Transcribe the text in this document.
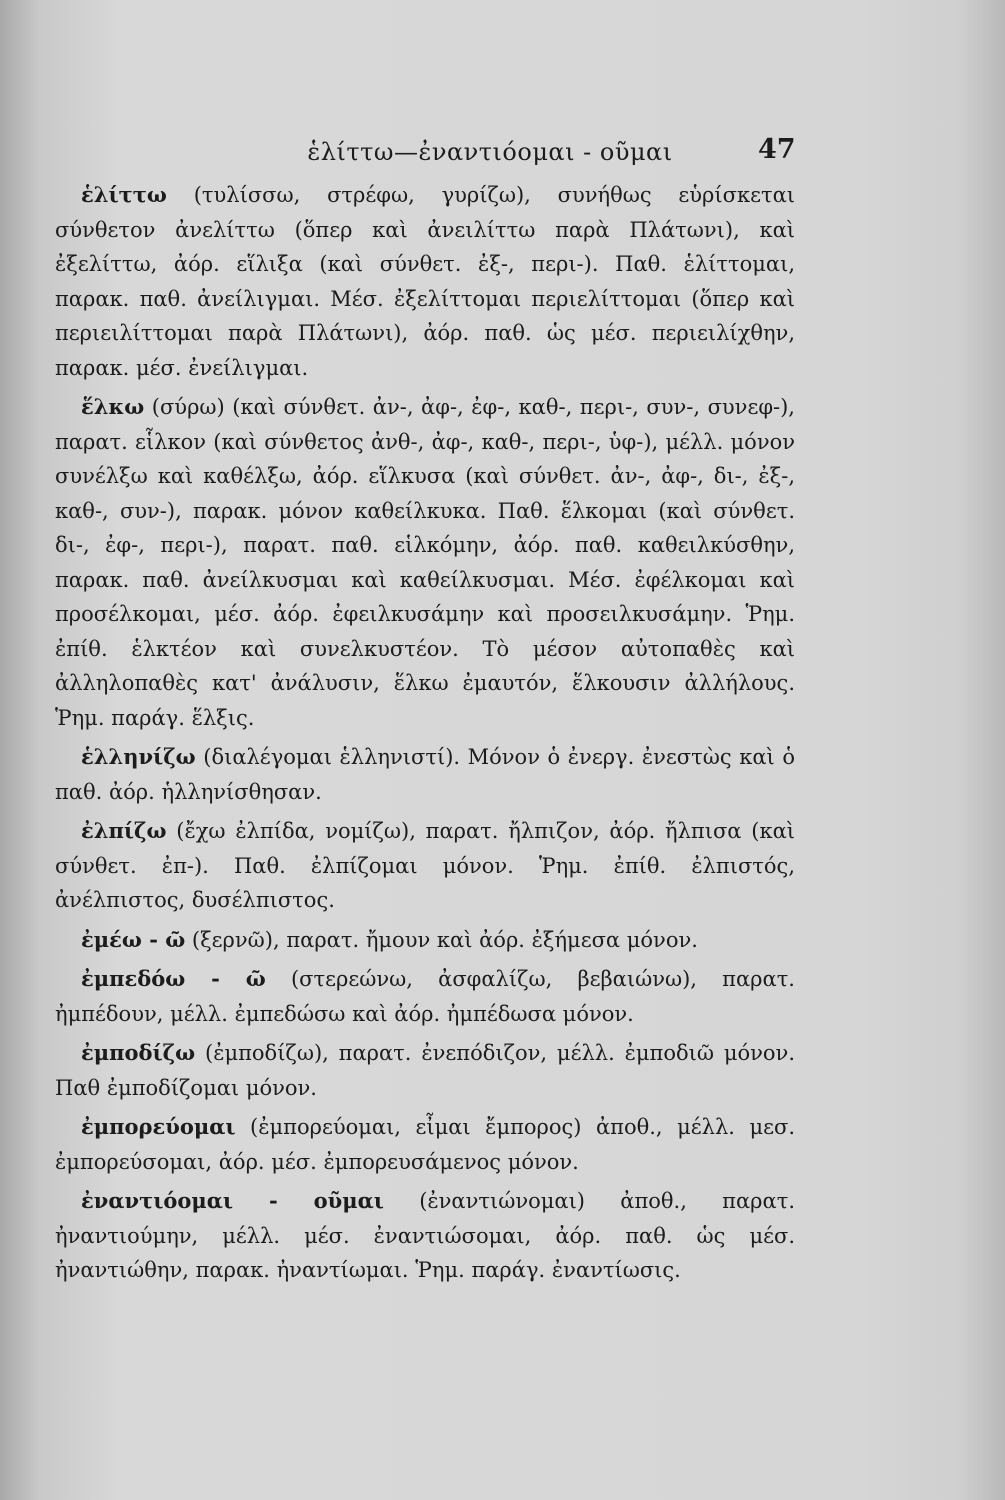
ἑλίττω—ἐναντιόομαι - οῦμαι	47

ἑλίττω (τυλίσσω, στρέφω, γυρίζω), συνήθως εὑρίσκεται σύνθετον ἀνελίττω (ὅπερ καὶ ἀνειλίττω παρὰ Πλάτωνι), καὶ ἐξελίττω, ἀόρ. εἵλιξα (καὶ σύνθετ. ἐξ-, περι-). Παθ. ἑλίττομαι, παρακ. παθ. ἀνείλιγμαι. Μέσ. ἐξελίττομαι περιελίττομαι (ὅπερ καὶ περιειλίττομαι παρὰ Πλάτωνι), ἀόρ. παθ. ὡς μέσ. περιειλίχθην, παρακ. μέσ. ἐνείλιγμαι.

ἕλκω (σύρω) (καὶ σύνθετ. ἀν-, ἀφ-, ἐφ-, καθ-, περι-, συν-, συνεφ-), παρατ. εἷλκον (καὶ σύνθετος ἀνθ-, ἀφ-, καθ-, περι-, ὑφ-), μέλλ. μόνον συνέλξω καὶ καθέλξω, ἀόρ. εἵλκυσα (καὶ σύνθετ. ἀν-, ἀφ-, δι-, ἐξ-, καθ-, συν-), παρακ. μόνον καθείλκυκα. Παθ. ἕλκομαι (καὶ σύνθετ. δι-, ἐφ-, περι-), παρατ. παθ. εἱλκόμην, ἀόρ. παθ. καθειλκύσθην, παρακ. παθ. ἀνείλκυσμαι καὶ καθείλκυσμαι. Μέσ. ἐφέλκομαι καὶ προσέλκομαι, μέσ. ἀόρ. ἐφειλκυσάμην καὶ προσειλκυσάμην. Ῥημ. ἐπίθ. ἑλκτέον καὶ συνελκυστέον. Τὸ μέσον αὐτοπαθὲς καὶ ἀλληλοπαθὲς κατ' ἀνάλυσιν, ἕλκω ἐμαυτόν, ἕλκουσιν ἀλλήλους. Ῥημ. παράγ. ἕλξις.

ἑλληνίζω (διαλέγομαι ἑλληνιστί). Μόνον ὁ ἐνεργ. ἐνεστὼς καὶ ὁ παθ. ἀόρ. ἡλληνίσθησαν.

ἐλπίζω (ἔχω ἐλπίδα, νομίζω), παρατ. ἤλπιζον, ἀόρ. ἤλπισα (καὶ σύνθετ. ἐπ-). Παθ. ἐλπίζομαι μόνον. Ῥημ. ἐπίθ. ἐλπιστός, ἀνέλπιστος, δυσέλπιστος.

ἐμέω - ῶ (ξερνῶ), παρατ. ἤμουν καὶ ἀόρ. ἐξήμεσα μόνον.

ἐμπεδόω - ῶ (στερεώνω, ἀσφαλίζω, βεβαιώνω), παρατ. ἠμπέδουν, μέλλ. ἐμπεδώσω καὶ ἀόρ. ἠμπέδωσα μόνον.

ἐμποδίζω (ἐμποδίζω), παρατ. ἐνεπόδιζον, μέλλ. ἐμποδιῶ μόνον. Παθ ἐμποδίζομαι μόνον.

ἐμπορεύομαι (ἐμπορεύομαι, εἶμαι ἔμπορος) ἀποθ., μέλλ. μεσ. ἐμπορεύσομαι, ἀόρ. μέσ. ἐμπορευσάμενος μόνον.

ἐναντιόομαι - οῦμαι (ἐναντιώνομαι) ἀποθ., παρατ. ἠναντιούμην, μέλλ. μέσ. ἐναντιώσομαι, ἀόρ. παθ. ὡς μέσ. ἠναντιώθην, παρακ. ἠναντίωμαι. Ῥημ. παράγ. ἐναντίωσις.
